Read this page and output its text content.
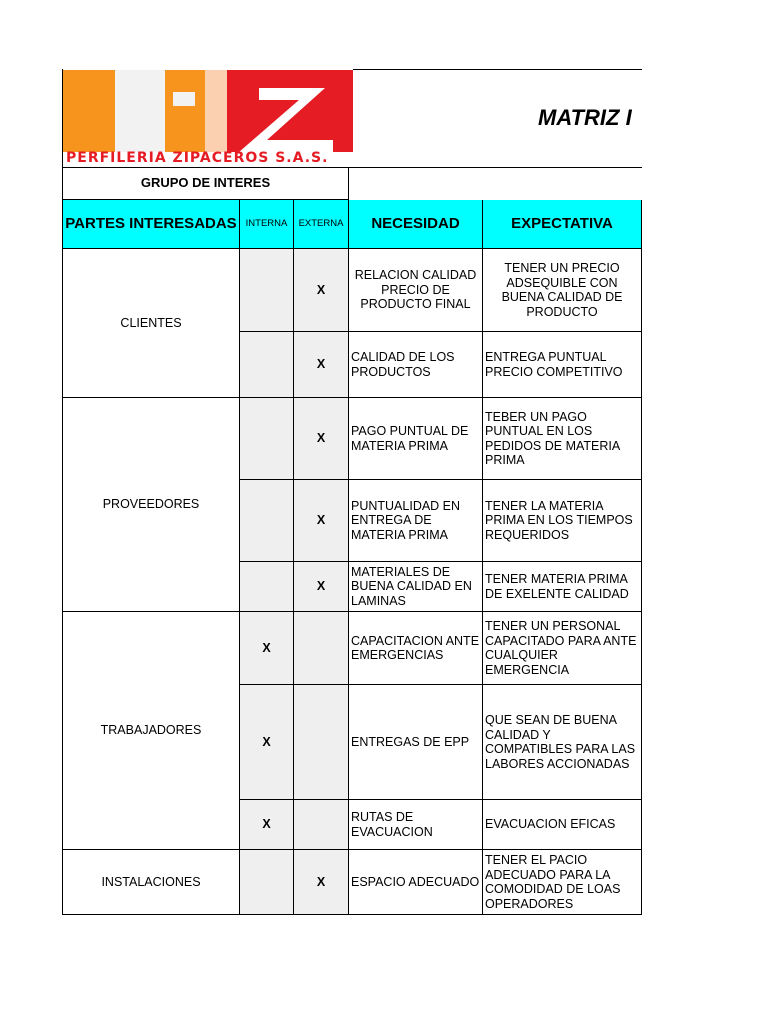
PERFILERIA ZIPACEROS S.A.S.
MATRIZ I
GRUPO DE INTERES
PARTES INTERESADAS INTERNA EXTERNA NECESIDAD	EXPECTATIVA
CLIENTES
PROVEEDORES
TRABAJADORES
INSTALACIONES
X
RELACION CALIDAD PRECIO DE PRODUCTO FINAL
TENER UN PRECIO ADSEQUIBLE CON BUENA CALIDAD DE PRODUCTO
X
CALIDAD DE LOS PRODUCTOS
ENTREGA PUNTUAL PRECIO COMPETITIVO
X
PAGO PUNTUAL DE MATERIA PRIMA
TEBER UN PAGO PUNTUAL EN LOS PEDIDOS DE MATERIA PRIMA
X
PUNTUALIDAD EN ENTREGA DE MATERIA PRIMA
TENER LA MATERIA PRIMA EN LOS TIEMPOS REQUERIDOS
X
MATERIALES DE BUENA CALIDAD EN LAMINAS
TENER MATERIA PRIMA DE EXELENTE CALIDAD
X
CAPACITACION ANTE EMERGENCIAS
TENER UN PERSONAL CAPACITADO PARA ANTE CUALQUIER EMERGENCIA
X	ENTREGAS DE EPP
QUE SEAN DE BUENA CALIDAD Y COMPATIBLES PARA LAS LABORES ACCIONADAS
X
RUTAS DE EVACUACION
EVACUACION EFICAS
X ESPACIO ADECUADO
TENER EL PACIO ADECUADO PARA LA COMODIDAD DE LOAS OPERADORES
